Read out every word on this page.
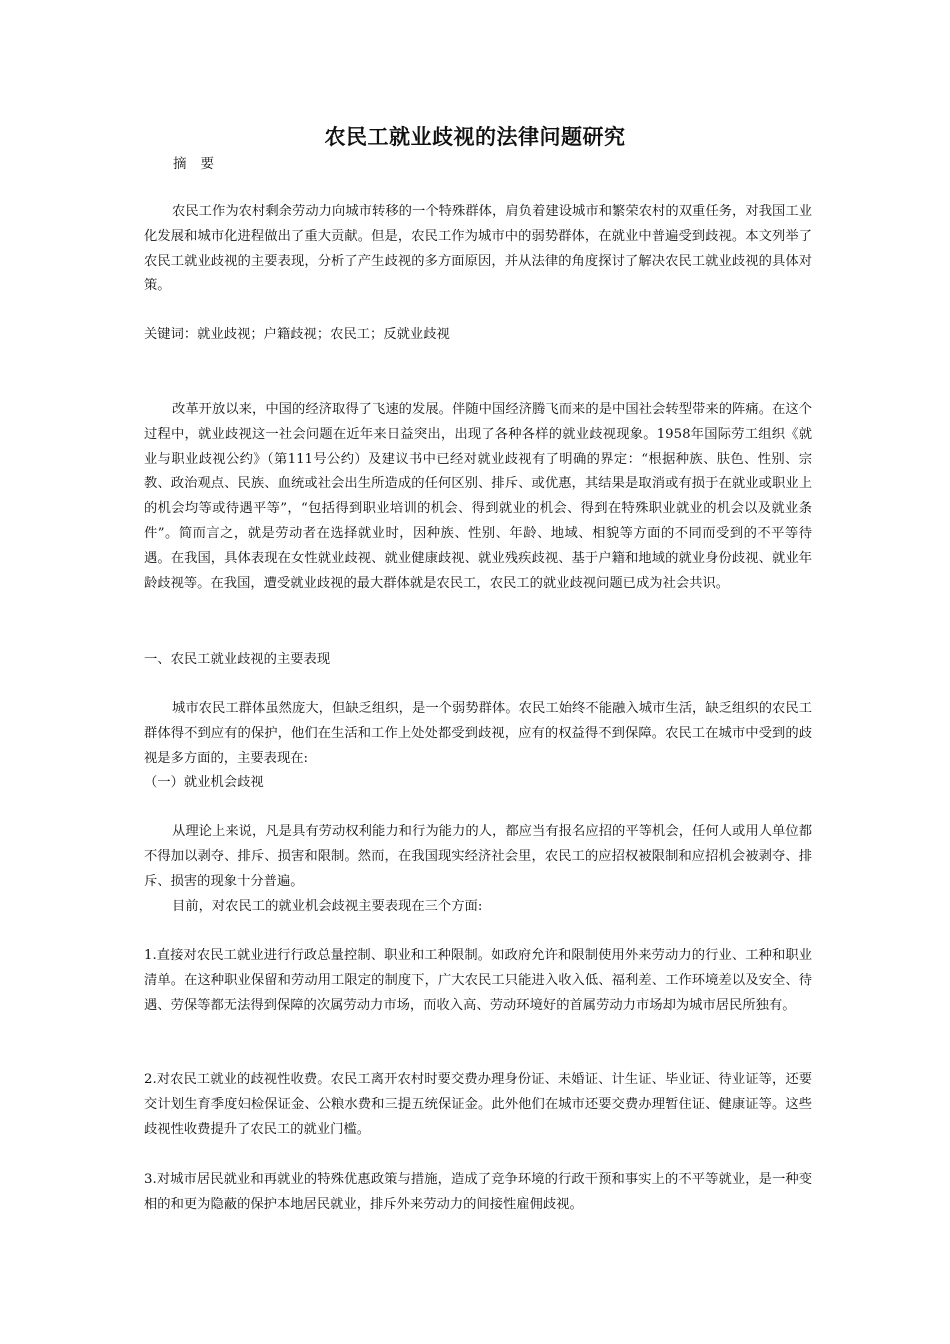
农民工就业歧视的法律问题研究

摘要

农民工作为农村剩余劳动力向城市转移的一个特殊群体，肩负着建设城市和繁荣农村的双重任务，对我国工业化发展和城市化进程做出了重大贡献。但是，农民工作为城市中的弱势群体，在就业中普遍受到歧视。本文列举了农民工就业歧视的主要表现，分析了产生歧视的多方面原因，并从法律的角度探讨了解决农民工就业歧视的具体对策。

关键词：就业歧视；户籍歧视；农民工；反就业歧视

改革开放以来，中国的经济取得了飞速的发展。伴随中国经济腾飞而来的是中国社会转型带来的阵痛。在这个过程中，就业歧视这一社会问题在近年来日益突出，出现了各种各样的就业歧视现象。1958年国际劳工组织《就业与职业歧视公约》（第111号公约）及建议书中已经对就业歧视有了明确的界定：“根据种族、肤色、性别、宗教、政治观点、民族、血统或社会出生所造成的任何区别、排斥、或优惠，其结果是取消或有损于在就业或职业上的机会均等或待遇平等”，“包括得到职业培训的机会、得到就业的机会、得到在特殊职业就业的机会以及就业条件”。简而言之，就是劳动者在选择就业时，因种族、性别、年龄、地域、相貌等方面的不同而受到的不平等待遇。在我国，具体表现在女性就业歧视、就业健康歧视、就业残疾歧视、基于户籍和地域的就业身份歧视、就业年龄歧视等。在我国，遭受就业歧视的最大群体就是农民工，农民工的就业歧视问题已成为社会共识。

一、农民工就业歧视的主要表现

城市农民工群体虽然庞大，但缺乏组织，是一个弱势群体。农民工始终不能融入城市生活，缺乏组织的农民工群体得不到应有的保护，他们在生活和工作上处处都受到歧视，应有的权益得不到保障。农民工在城市中受到的歧视是多方面的，主要表现在:

（一）就业机会歧视

从理论上来说，凡是具有劳动权利能力和行为能力的人，都应当有报名应招的平等机会，任何人或用人单位都不得加以剥夺、排斥、损害和限制。然而，在我国现实经济社会里，农民工的应招权被限制和应招机会被剥夺、排斥、损害的现象十分普遍。

目前，对农民工的就业机会歧视主要表现在三个方面:

1.直接对农民工就业进行行政总量控制、职业和工种限制。如政府允许和限制使用外来劳动力的行业、工种和职业清单。在这种职业保留和劳动用工限定的制度下，广大农民工只能进入收入低、福利差、工作环境差以及安全、待遇、劳保等都无法得到保障的次属劳动力市场，而收入高、劳动环境好的首属劳动力市场却为城市居民所独有。

2.对农民工就业的歧视性收费。农民工离开农村时要交费办理身份证、未婚证、计生证、毕业证、待业证等，还要交计划生育季度妇检保证金、公粮水费和三提五统保证金。此外他们在城市还要交费办理暂住证、健康证等。这些歧视性收费提升了农民工的就业门槛。

3.对城市居民就业和再就业的特殊优惠政策与措施，造成了竞争环境的行政干预和事实上的不平等就业，是一种变相的和更为隐蔽的保护本地居民就业，排斥外来劳动力的间接性雇佣歧视。
